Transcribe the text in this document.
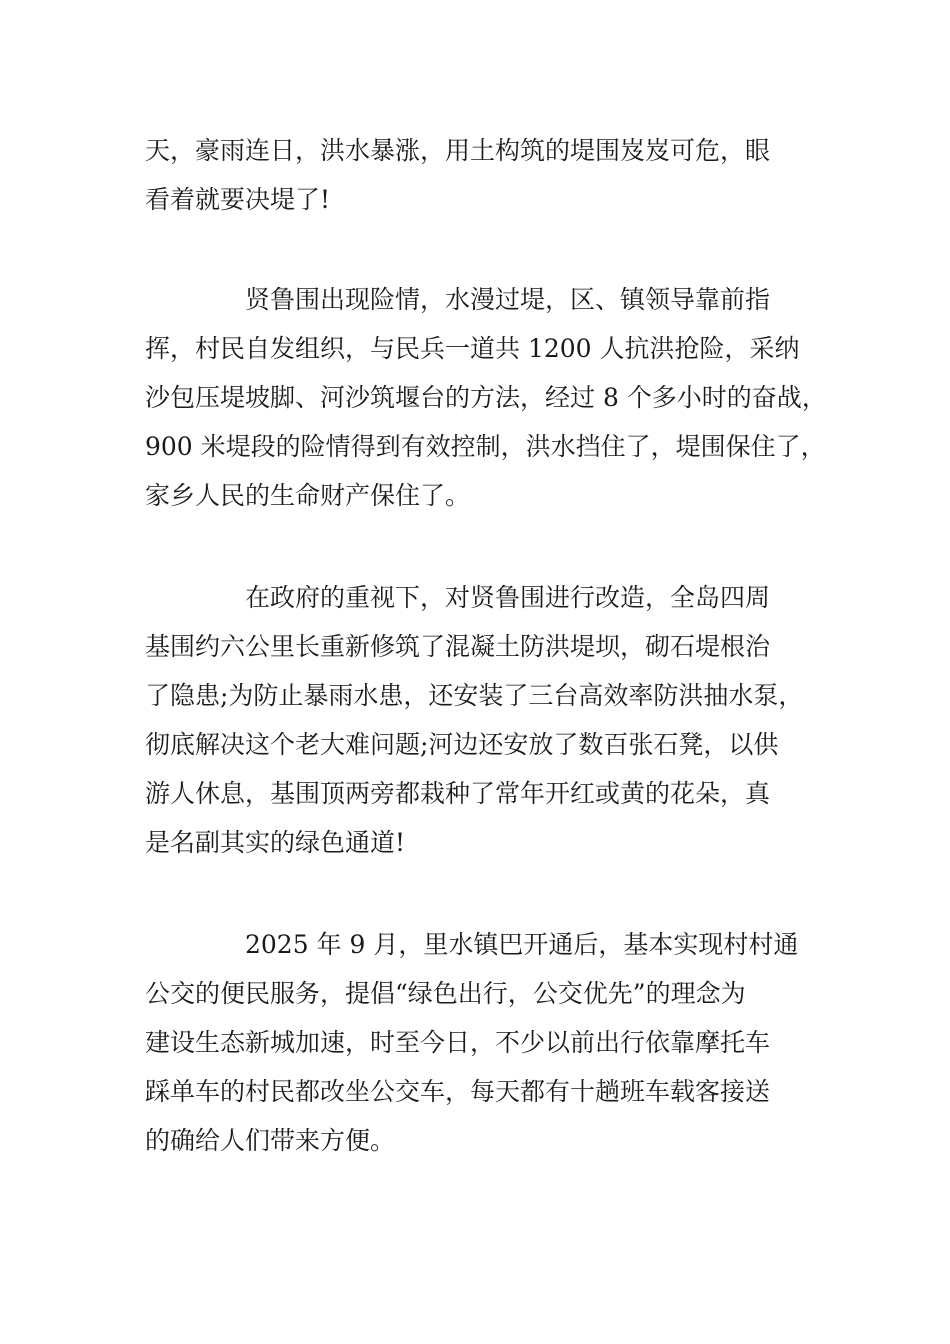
天，豪雨连日，洪水暴涨，用土构筑的堤围岌岌可危，眼
看着就要决堤了!
贤鲁围出现险情，水漫过堤，区、镇领导靠前指
挥，村民自发组织，与民兵一道共 1200 人抗洪抢险，采纳
沙包压堤坡脚、河沙筑堰台的方法，经过 8 个多小时的奋战，
900 米堤段的险情得到有效控制，洪水挡住了，堤围保住了，
家乡人民的生命财产保住了。
在政府的重视下，对贤鲁围进行改造，全岛四周
基围约六公里长重新修筑了混凝土防洪堤坝，砌石堤根治
了隐患;为防止暴雨水患，还安装了三台高效率防洪抽水泵，
彻底解决这个老大难问题;河边还安放了数百张石凳，以供
游人休息，基围顶两旁都栽种了常年开红或黄的花朵，真
是名副其实的绿色通道!
2025 年 9 月，里水镇巴开通后，基本实现村村通
公交的便民服务，提倡“绿色出行，公交优先”的理念为
建设生态新城加速，时至今日，不少以前出行依靠摩托车
踩单车的村民都改坐公交车，每天都有十趟班车载客接送
的确给人们带来方便。
